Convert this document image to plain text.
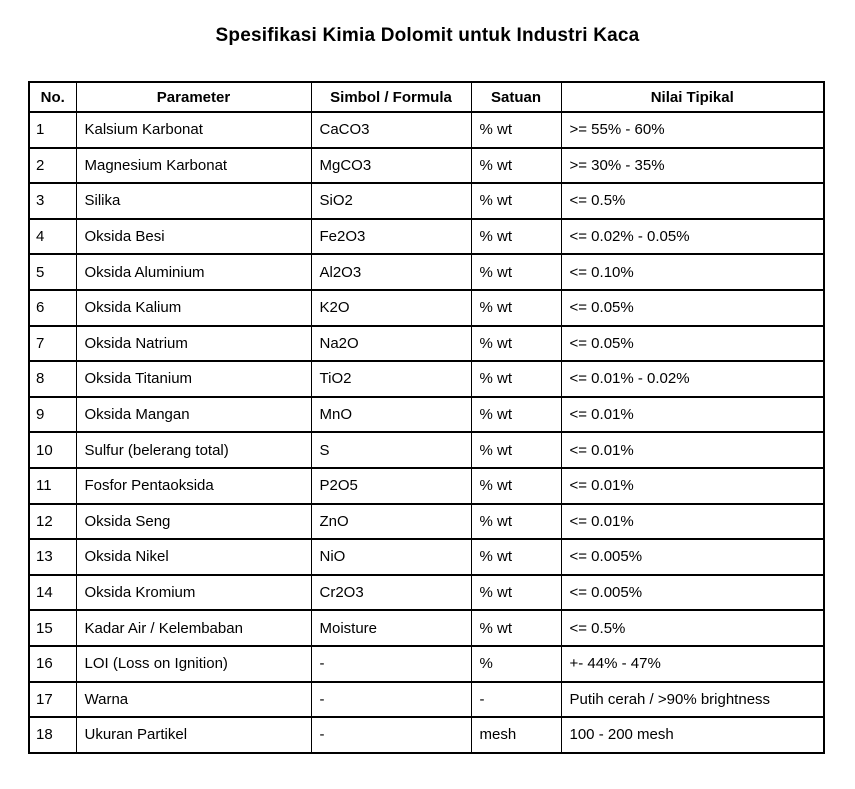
Spesifikasi Kimia Dolomit untuk Industri Kaca
No.	Parameter	Simbol / Formula	Satuan	Nilai Tipikal
1	Kalsium Karbonat	CaCO3	% wt	>= 55% - 60%
2	Magnesium Karbonat	MgCO3	% wt	>= 30% - 35%
3	Silika	SiO2	% wt	<= 0.5%
4	Oksida Besi	Fe2O3	% wt	<= 0.02% - 0.05%
5	Oksida Aluminium	Al2O3	% wt	<= 0.10%
6	Oksida Kalium	K2O	% wt	<= 0.05%
7	Oksida Natrium	Na2O	% wt	<= 0.05%
8	Oksida Titanium	TiO2	% wt	<= 0.01% - 0.02%
9	Oksida Mangan	MnO	% wt	<= 0.01%
10	Sulfur (belerang total)	S	% wt	<= 0.01%
11	Fosfor Pentaoksida	P2O5	% wt	<= 0.01%
12	Oksida Seng	ZnO	% wt	<= 0.01%
13	Oksida Nikel	NiO	% wt	<= 0.005%
14	Oksida Kromium	Cr2O3	% wt	<= 0.005%
15	Kadar Air / Kelembaban	Moisture	% wt	<= 0.5%
16	LOI (Loss on Ignition)	-	%	+- 44% - 47%
17	Warna	-	-	Putih cerah / >90% brightness
18	Ukuran Partikel	-	mesh	100 - 200 mesh
